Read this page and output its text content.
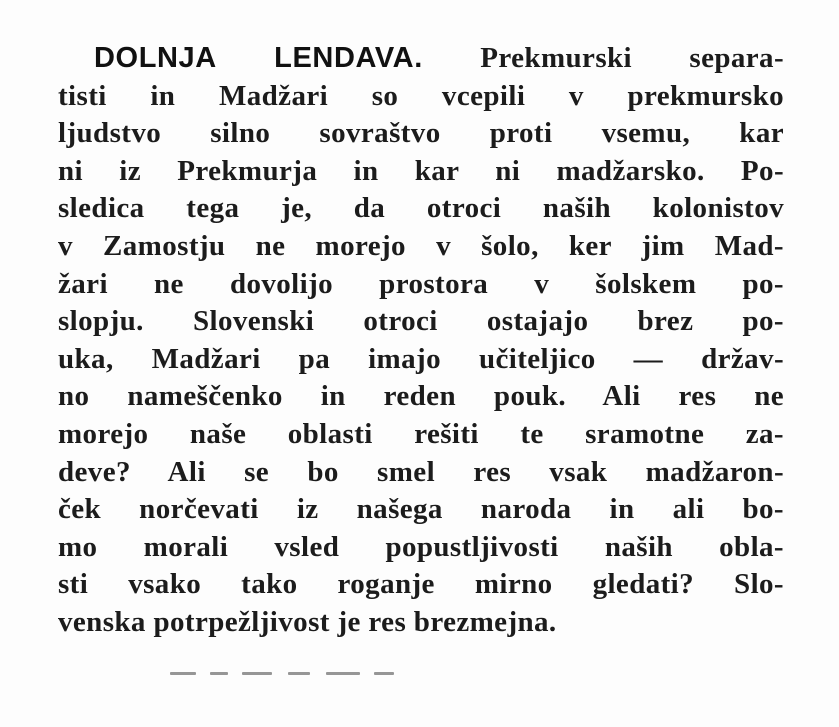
DOLNJA LENDAVA. Prekmurski separa-
tisti in Madžari so vcepili v prekmursko
ljudstvo silno sovraštvo proti vsemu, kar
ni iz Prekmurja in kar ni madžarsko. Po-
sledica tega je, da otroci naših kolonistov
v Zamostju ne morejo v šolo, ker jim Mad-
žari ne dovolijo prostora v šolskem po-
slopju. Slovenski otroci ostajajo brez po-
uka, Madžari pa imajo učiteljico — držav-
no nameščenko in reden pouk. Ali res ne
morejo naše oblasti rešiti te sramotne za-
deve? Ali se bo smel res vsak madžaron-
ček norčevati iz našega naroda in ali bo-
mo morali vsled popustljivosti naših obla-
sti vsako tako roganje mirno gledati? Slo-
venska potrpežljivost je res brezmejna.
